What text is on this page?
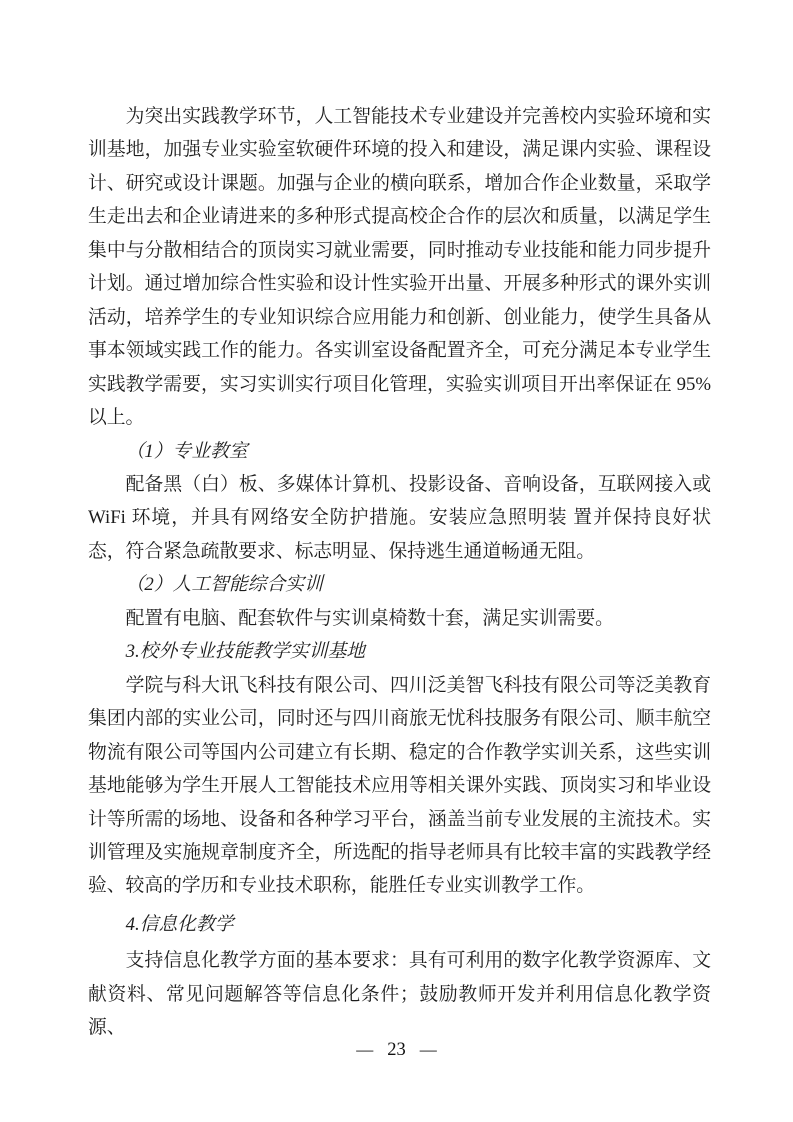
为突出实践教学环节，人工智能技术专业建设并完善校内实验环境和实训基地，加强专业实验室软硬件环境的投入和建设，满足课内实验、课程设计、研究或设计课题。加强与企业的横向联系，增加合作企业数量，采取学生走出去和企业请进来的多种形式提高校企合作的层次和质量，以满足学生集中与分散相结合的顶岗实习就业需要，同时推动专业技能和能力同步提升计划。通过增加综合性实验和设计性实验开出量、开展多种形式的课外实训活动，培养学生的专业知识综合应用能力和创新、创业能力，使学生具备从事本领域实践工作的能力。各实训室设备配置齐全，可充分满足本专业学生实践教学需要，实习实训实行项目化管理，实验实训项目开出率保证在 95%以上。

（1）专业教室

配备黑（白）板、多媒体计算机、投影设备、音响设备，互联网接入或 WiFi 环境，并具有网络安全防护措施。安装应急照明装 置并保持良好状态，符合紧急疏散要求、标志明显、保持逃生通道畅通无阻。

（2）人工智能综合实训

配置有电脑、配套软件与实训桌椅数十套，满足实训需要。

3.校外专业技能教学实训基地

学院与科大讯飞科技有限公司、四川泛美智飞科技有限公司等泛美教育集团内部的实业公司，同时还与四川商旅无忧科技服务有限公司、顺丰航空物流有限公司等国内公司建立有长期、稳定的合作教学实训关系，这些实训基地能够为学生开展人工智能技术应用等相关课外实践、顶岗实习和毕业设计等所需的场地、设备和各种学习平台，涵盖当前专业发展的主流技术。实训管理及实施规章制度齐全，所选配的指导老师具有比较丰富的实践教学经验、较高的学历和专业技术职称，能胜任专业实训教学工作。

4.信息化教学

支持信息化教学方面的基本要求：具有可利用的数字化教学资源库、文献资料、常见问题解答等信息化条件；鼓励教师开发并利用信息化教学资源、

— 23 —
